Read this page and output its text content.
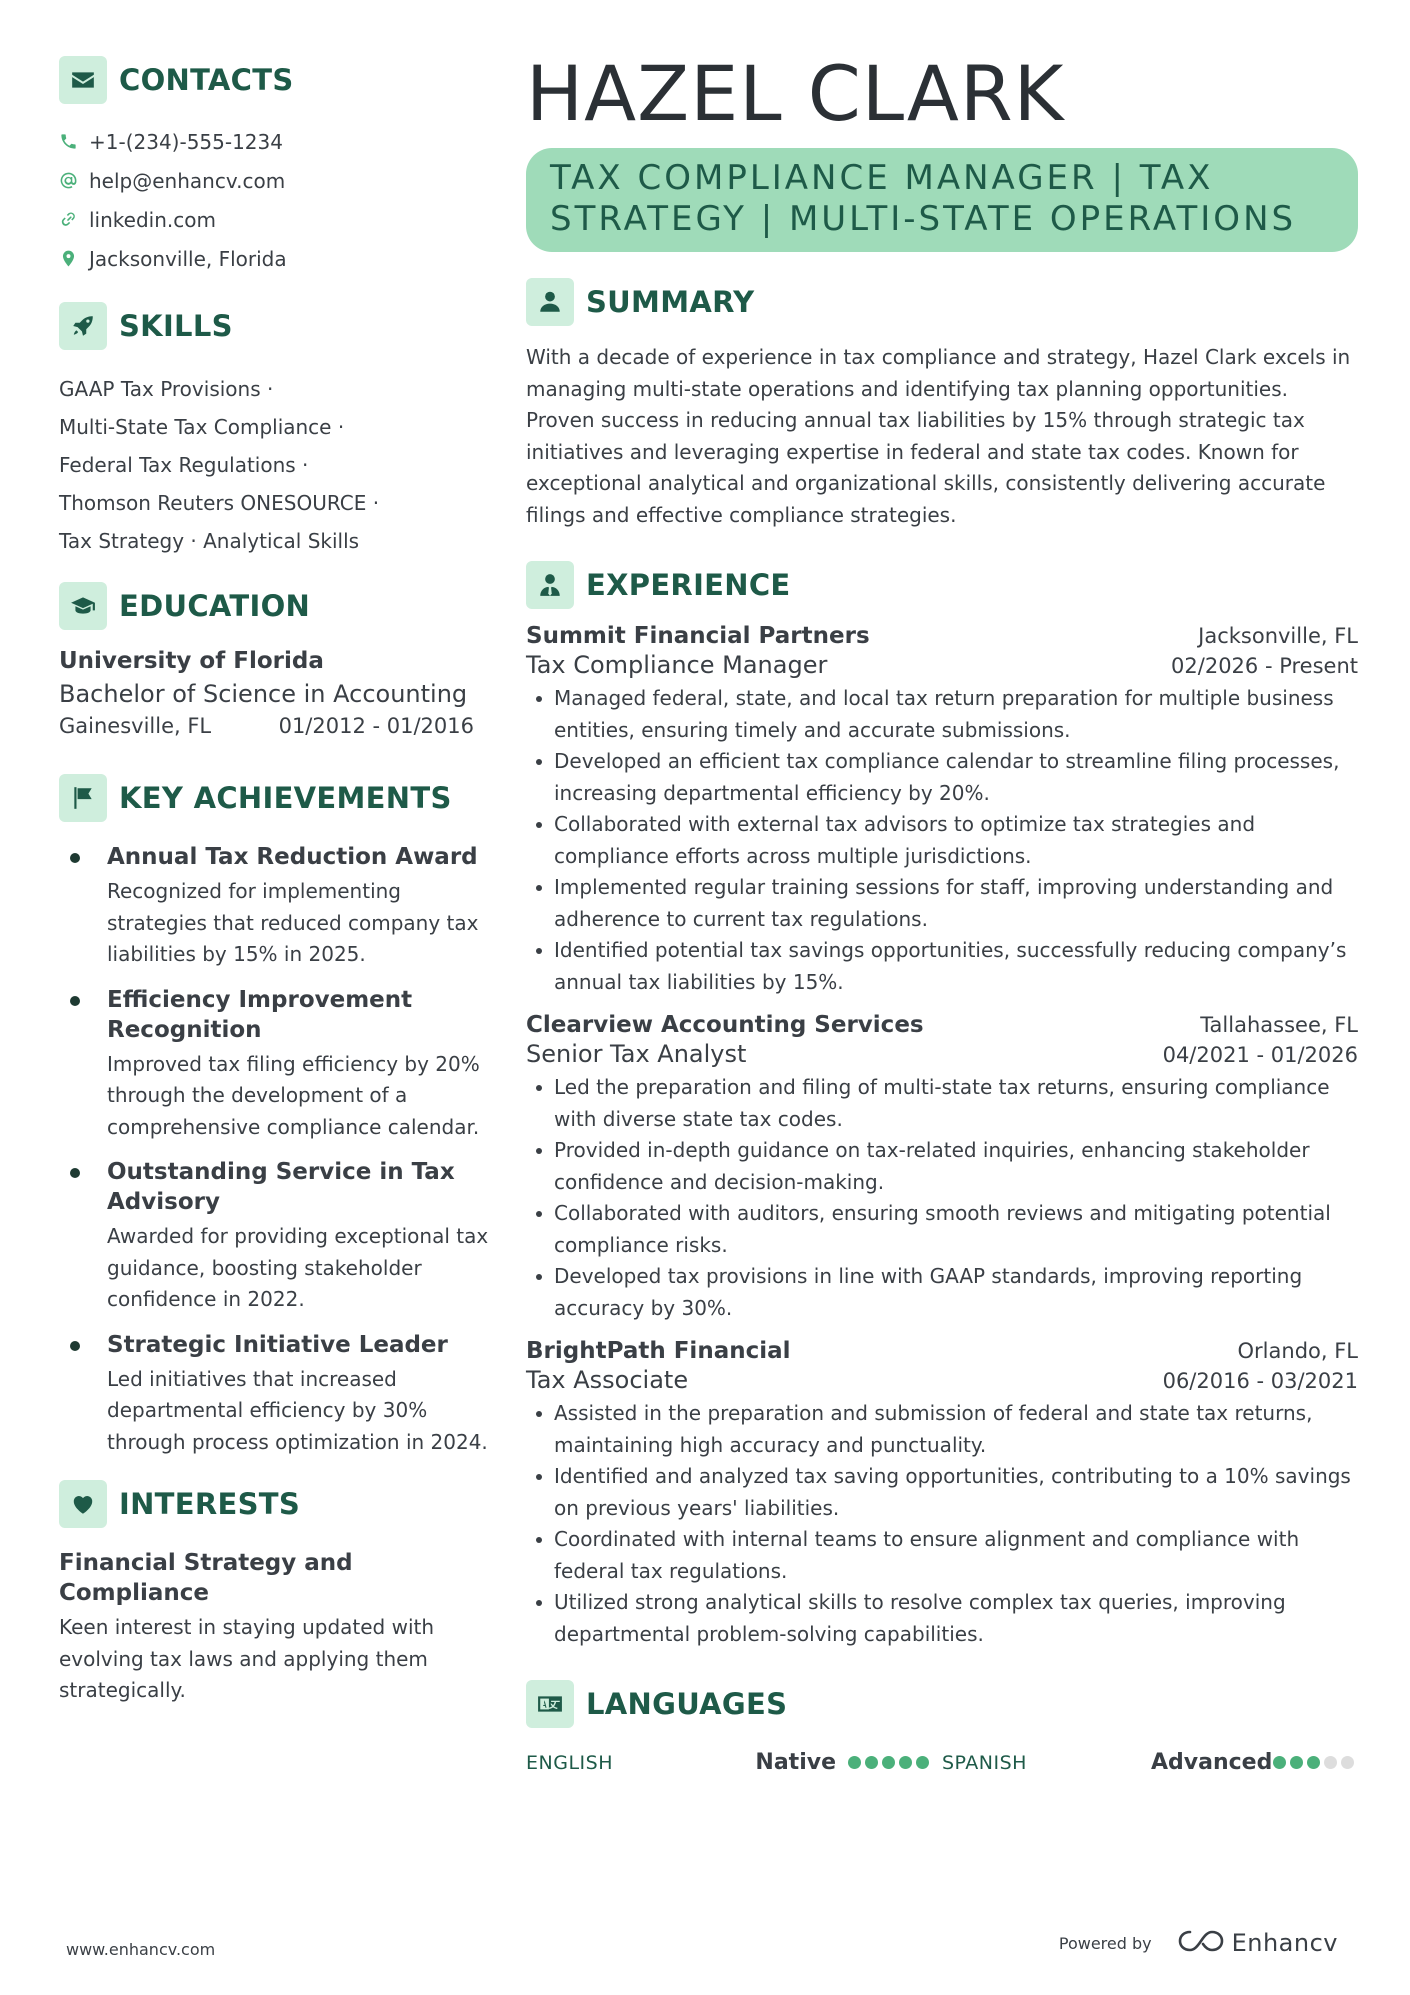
CONTACTS
+1-(234)-555-1234
help@enhancv.com
linkedin.com
Jacksonville, Florida
SKILLS
GAAP Tax Provisions ·
Multi-State Tax Compliance ·
Federal Tax Regulations ·
Thomson Reuters ONESOURCE ·
Tax Strategy · Analytical Skills
EDUCATION
University of Florida
Bachelor of Science in Accounting
Gainesville, FL	01/2012 - 01/2016
KEY ACHIEVEMENTS
Annual Tax Reduction Award
Recognized for implementing strategies that reduced company tax liabilities by 15% in 2025.
Efficiency Improvement Recognition
Improved tax filing efficiency by 20% through the development of a comprehensive compliance calendar.
Outstanding Service in Tax Advisory
Awarded for providing exceptional tax guidance, boosting stakeholder confidence in 2022.
Strategic Initiative Leader
Led initiatives that increased departmental efficiency by 30% through process optimization in 2024.
INTERESTS
Financial Strategy and Compliance
Keen interest in staying updated with evolving tax laws and applying them strategically.
HAZEL CLARK
TAX COMPLIANCE MANAGER | TAX
STRATEGY | MULTI-STATE OPERATIONS
SUMMARY
With a decade of experience in tax compliance and strategy, Hazel Clark excels in managing multi-state operations and identifying tax planning opportunities. Proven success in reducing annual tax liabilities by 15% through strategic tax initiatives and leveraging expertise in federal and state tax codes. Known for exceptional analytical and organizational skills, consistently delivering accurate filings and effective compliance strategies.
EXPERIENCE
Summit Financial Partners	Jacksonville, FL
Tax Compliance Manager	02/2026 - Present
Managed federal, state, and local tax return preparation for multiple business entities, ensuring timely and accurate submissions.
Developed an efficient tax compliance calendar to streamline filing processes, increasing departmental efficiency by 20%.
Collaborated with external tax advisors to optimize tax strategies and compliance efforts across multiple jurisdictions.
Implemented regular training sessions for staff, improving understanding and adherence to current tax regulations.
Identified potential tax savings opportunities, successfully reducing company’s annual tax liabilities by 15%.
Clearview Accounting Services	Tallahassee, FL
Senior Tax Analyst	04/2021 - 01/2026
Led the preparation and filing of multi-state tax returns, ensuring compliance with diverse state tax codes.
Provided in-depth guidance on tax-related inquiries, enhancing stakeholder confidence and decision-making.
Collaborated with auditors, ensuring smooth reviews and mitigating potential compliance risks.
Developed tax provisions in line with GAAP standards, improving reporting accuracy by 30%.
BrightPath Financial	Orlando, FL
Tax Associate	06/2016 - 03/2021
Assisted in the preparation and submission of federal and state tax returns, maintaining high accuracy and punctuality.
Identified and analyzed tax saving opportunities, contributing to a 10% savings on previous years' liabilities.
Coordinated with internal teams to ensure alignment and compliance with federal tax regulations.
Utilized strong analytical skills to resolve complex tax queries, improving departmental problem-solving capabilities.
LANGUAGES
ENGLISH	Native	SPANISH	Advanced
www.enhancv.com	Powered by	Enhancv
